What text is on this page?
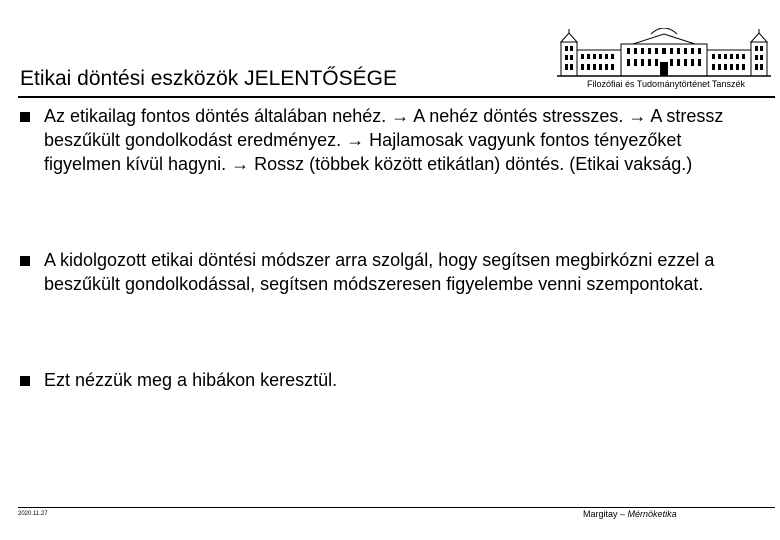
Etikai döntési eszközök JELENTŐSÉGE	Filozófiai és Tudománytörténet Tanszék
Az etikailag fontos döntés általában nehéz. → A nehéz döntés stresszes. → A stressz beszűkült gondolkodást eredményez. → Hajlamosak vagyunk fontos tényezőket figyelmen kívül hagyni. → Rossz (többek között etikátlan) döntés. (Etikai vakság.)
A kidolgozott etikai döntési módszer arra szolgál, hogy segítsen megbirkózni ezzel a beszűkült gondolkodással, segítsen módszeresen figyelembe venni szempontokat.
Ezt nézzük meg a hibákon keresztül.
2020.11.27	Margitay – Mérnöketika
